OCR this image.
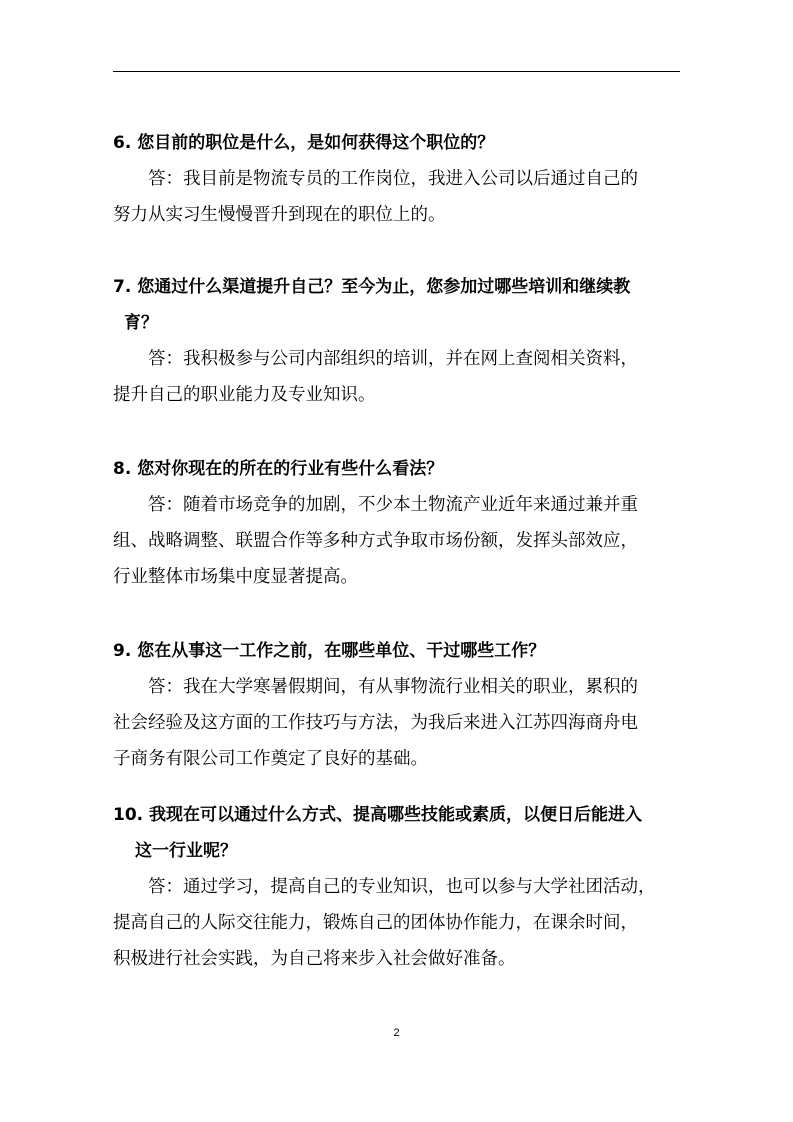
6. 您目前的职位是什么，是如何获得这个职位的？

答：我目前是物流专员的工作岗位，我进入公司以后通过自己的
努力从实习生慢慢晋升到现在的职位上的。

7. 您通过什么渠道提升自己？至今为止，您参加过哪些培训和继续教
育？

答：我积极参与公司内部组织的培训，并在网上查阅相关资料，
提升自己的职业能力及专业知识。

8. 您对你现在的所在的行业有些什么看法？

答：随着市场竞争的加剧，不少本土物流产业近年来通过兼并重
组、战略调整、联盟合作等多种方式争取市场份额，发挥头部效应，
行业整体市场集中度显著提高。

9. 您在从事这一工作之前，在哪些单位、干过哪些工作？

答：我在大学寒暑假期间，有从事物流行业相关的职业，累积的
社会经验及这方面的工作技巧与方法，为我后来进入江苏四海商舟电
子商务有限公司工作奠定了良好的基础。

10. 我现在可以通过什么方式、提高哪些技能或素质，以便日后能进入
这一行业呢？

答：通过学习，提高自己的专业知识，也可以参与大学社团活动，
提高自己的人际交往能力，锻炼自己的团体协作能力，在课余时间，
积极进行社会实践，为自己将来步入社会做好准备。

2
